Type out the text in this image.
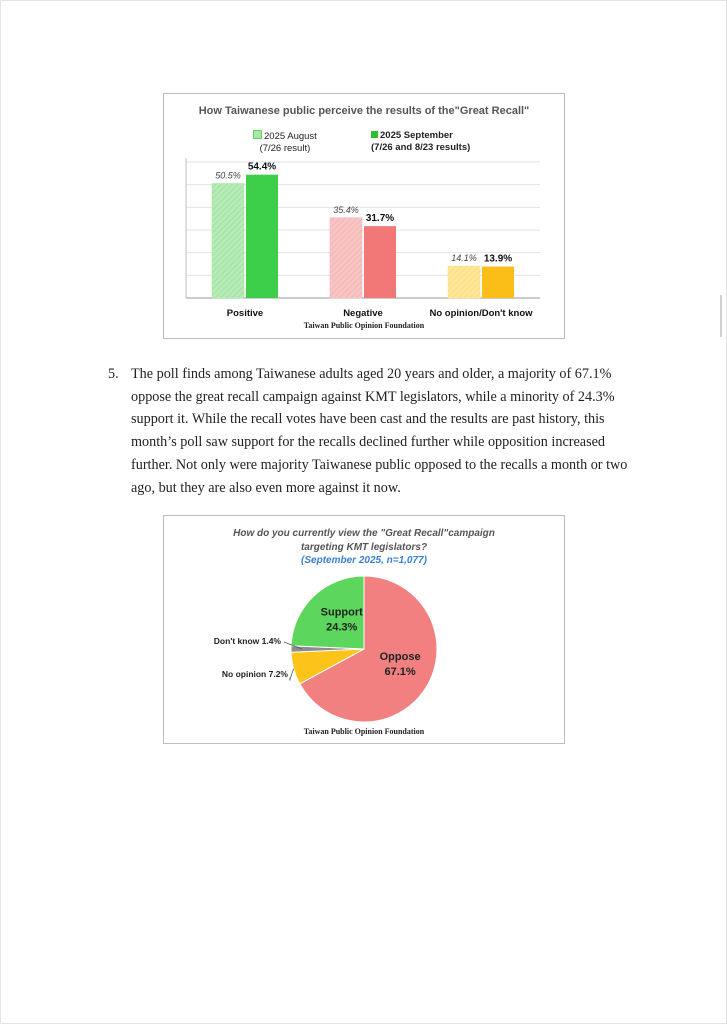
How Taiwanese public perceive the results of the"Great Recall"
2025 August
(7/26 result)
2025 September
(7/26 and 8/23 results)
50.5%
54.4%
Positive
35.4%
31.7%
Negative
14.1% 13.9%
No opinion/Don't know
Taiwan Public Opinion Foundation
5. The poll finds among Taiwanese adults aged 20 years and older, a majority of 67.1% oppose the great recall campaign against KMT legislators, while a minority of 24.3% support it. While the recall votes have been cast and the results are past history, this month’s poll saw support for the recalls declined further while opposition increased further. Not only were majority Taiwanese public opposed to the recalls a month or two ago, but they are also even more against it now.
How do you currently view the "Great Recall"campaign
targeting KMT legislators?
(September 2025, n=1,077)
Oppose
67.1%
Support
24.3%
Don't know 1.4%
No opinion 7.2%
Taiwan Public Opinion Foundation
